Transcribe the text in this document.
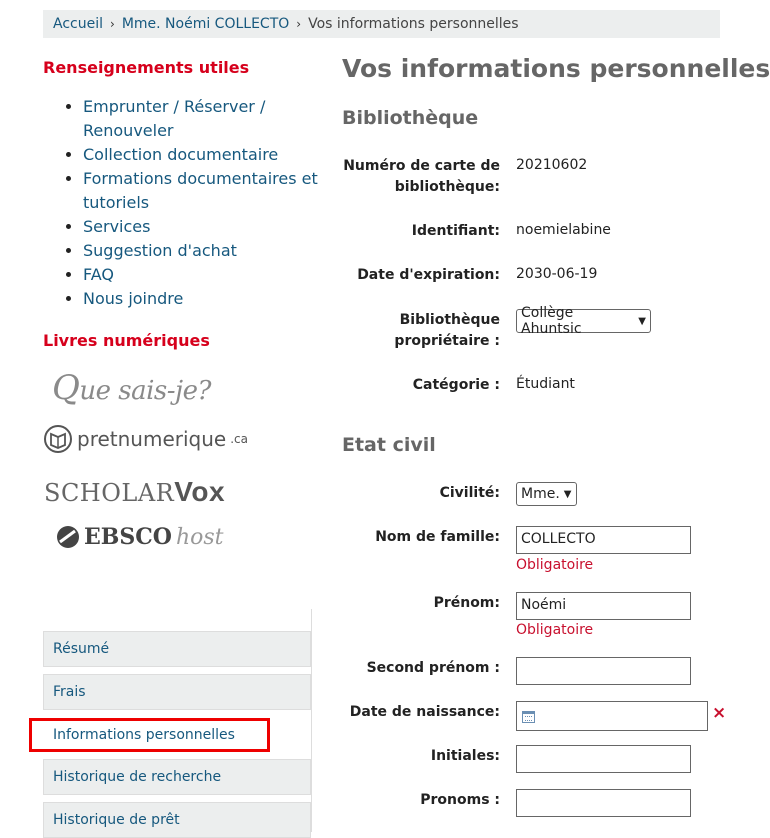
Accueil › Mme. Noémi COLLECTO › Vos informations personnelles
Renseignements utiles
• Emprunter / Réserver / Renouveler
• Collection documentaire
• Formations documentaires et tutoriels
• Services
• Suggestion d'achat
• FAQ
• Nous joindre
Livres numériques
Que sais-je?
pretnumerique .ca
SCHOLARVox
EBSCO host
Résumé
Frais
Informations personnelles
Historique de recherche
Historique de prêt
Vos informations personnelles
Bibliothèque
Numéro de carte de bibliothèque:
20210602
Identifiant: noemielabine
Date d'expiration: 2030-06-19
Bibliothèque propriétaire :
Collège Ahuntsic	▼
Catégorie : Étudiant
Etat civil
Civilité: Mme. ▼
Nom de famille:	COLLECTO
Obligatoire
Prénom:	Noémi
Obligatoire
Second prénom :
Date de naissance:	×
Initiales:
Pronoms :
